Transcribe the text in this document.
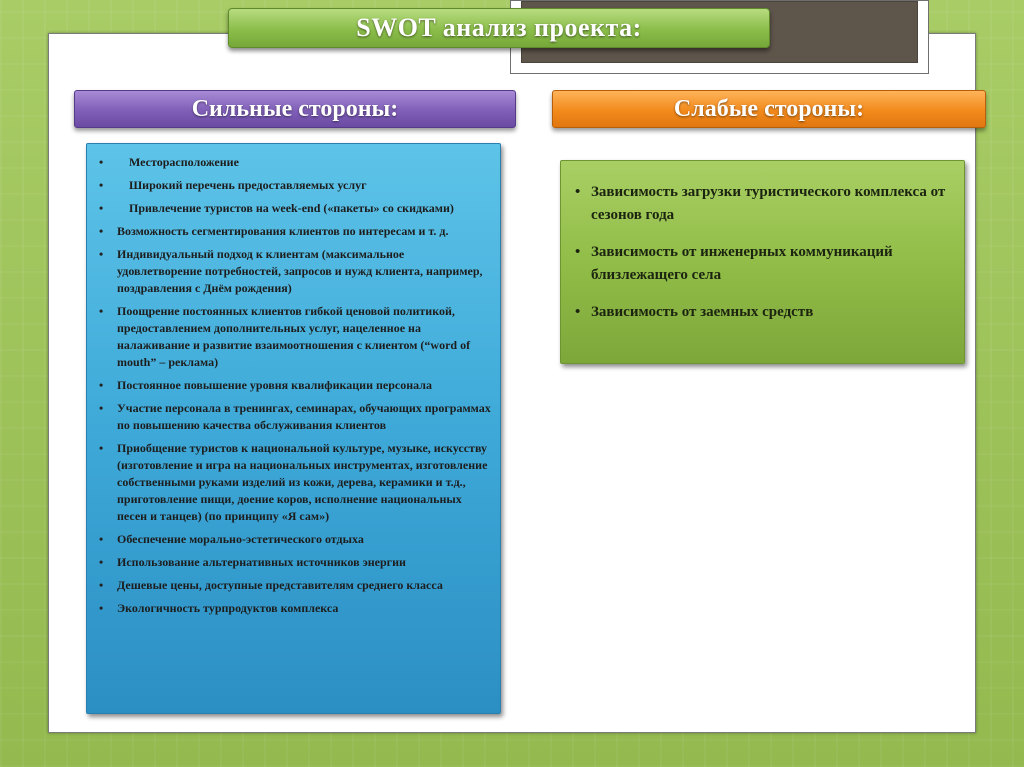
SWOT анализ проекта:
Сильные стороны:	Слабые стороны:
• Месторасположение
• Широкий перечень предоставляемых услуг
• Привлечение туристов на week-end («пакеты» со скидками)
• Возможность сегментирования клиентов по интересам и т. д.
• Индивидуальный подход к клиентам (максимальное удовлетворение потребностей, запросов и нужд клиента, например, поздравления с Днём рождения)
• Поощрение постоянных клиентов гибкой ценовой политикой, предоставлением дополнительных услуг, нацеленное на налаживание и развитие взаимоотношения с клиентом (“word of mouth” – реклама)
• Постоянное повышение уровня квалификации персонала
• Участие персонала в тренингах, семинарах, обучающих программах по повышению качества обслуживания клиентов
• Приобщение туристов к национальной культуре, музыке, искусству (изготовление и игра на национальных инструментах, изготовление собственными руками изделий из кожи, дерева, керамики и т.д., приготовление пищи, доение коров, исполнение национальных песен и танцев) (по принципу «Я сам»)
• Обеспечение морально-эстетического отдыха
• Использование альтернативных источников энергии
• Дешевые цены, доступные представителям среднего класса
• Экологичность турпродуктов комплекса
• Зависимость загрузки туристического комплекса от сезонов года
• Зависимость от инженерных коммуникаций близлежащего села
• Зависимость от заемных средств
